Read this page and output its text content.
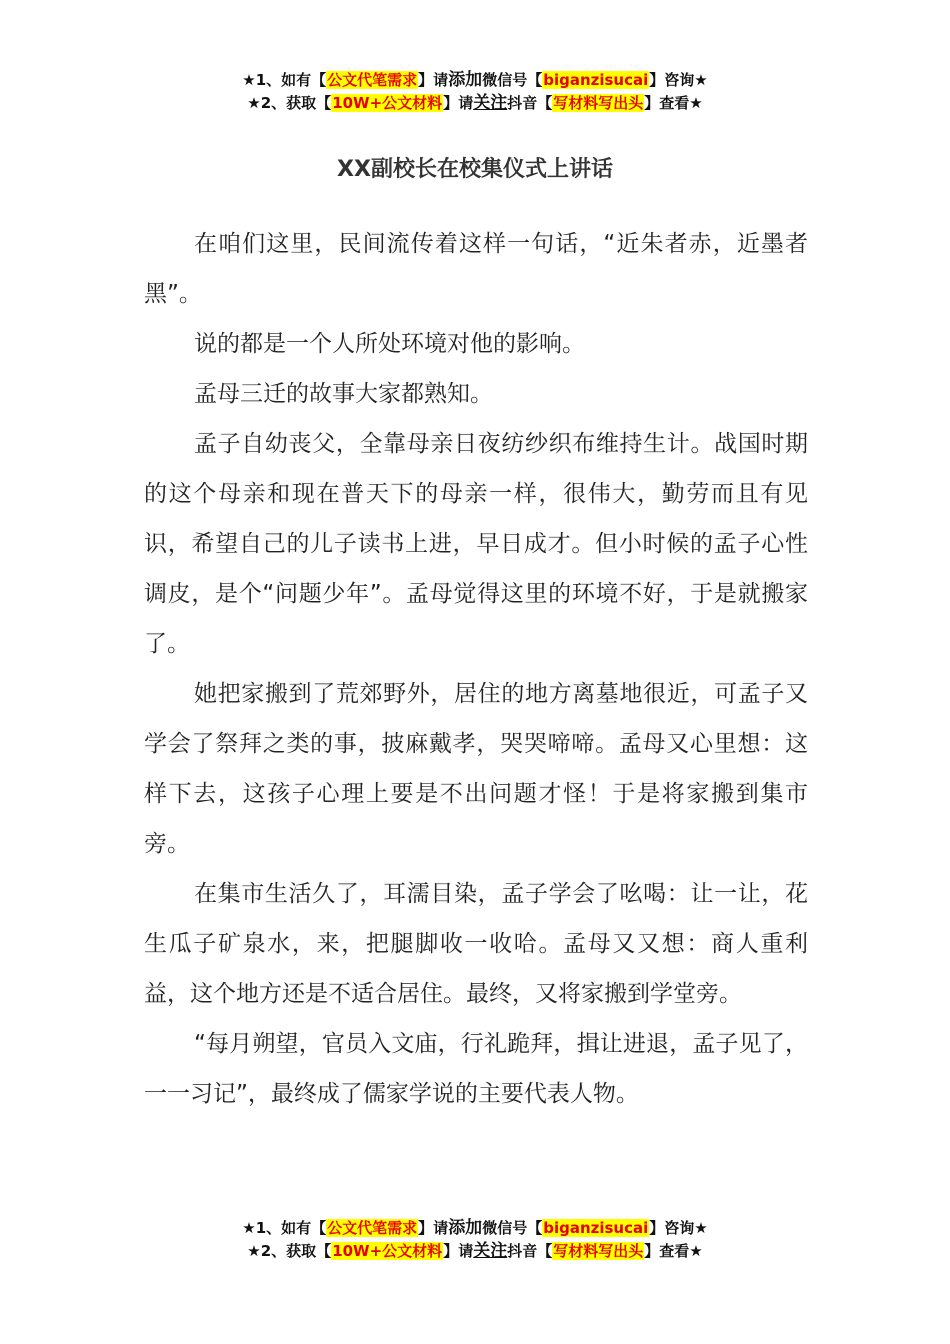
★1、如有【公文代笔需求】请添加微信号【biganzisucai】咨询★
★2、获取【10W+公文材料】请关注抖音【写材料写出头】查看★
XX副校长在校集仪式上讲话

在咱们这里，民间流传着这样一句话，“近朱者赤，近墨者黑”。

说的都是一个人所处环境对他的影响。

孟母三迁的故事大家都熟知。

孟子自幼丧父，全靠母亲日夜纺纱织布维持生计。战国时期的这个母亲和现在普天下的母亲一样，很伟大，勤劳而且有见识，希望自己的儿子读书上进，早日成才。但小时候的孟子心性调皮，是个“问题少年”。孟母觉得这里的环境不好，于是就搬家了。

她把家搬到了荒郊野外，居住的地方离墓地很近，可孟子又学会了祭拜之类的事，披麻戴孝，哭哭啼啼。孟母又心里想：这样下去，这孩子心理上要是不出问题才怪！于是将家搬到集市旁。

在集市生活久了，耳濡目染，孟子学会了吆喝：让一让，花生瓜子矿泉水，来，把腿脚收一收哈。孟母又又想：商人重利益，这个地方还是不适合居住。最终，又将家搬到学堂旁。

“每月朔望，官员入文庙，行礼跪拜，揖让进退，孟子见了，一一习记”，最终成了儒家学说的主要代表人物。

★1、如有【公文代笔需求】请添加微信号【biganzisucai】咨询★
★2、获取【10W+公文材料】请关注抖音【写材料写出头】查看★
